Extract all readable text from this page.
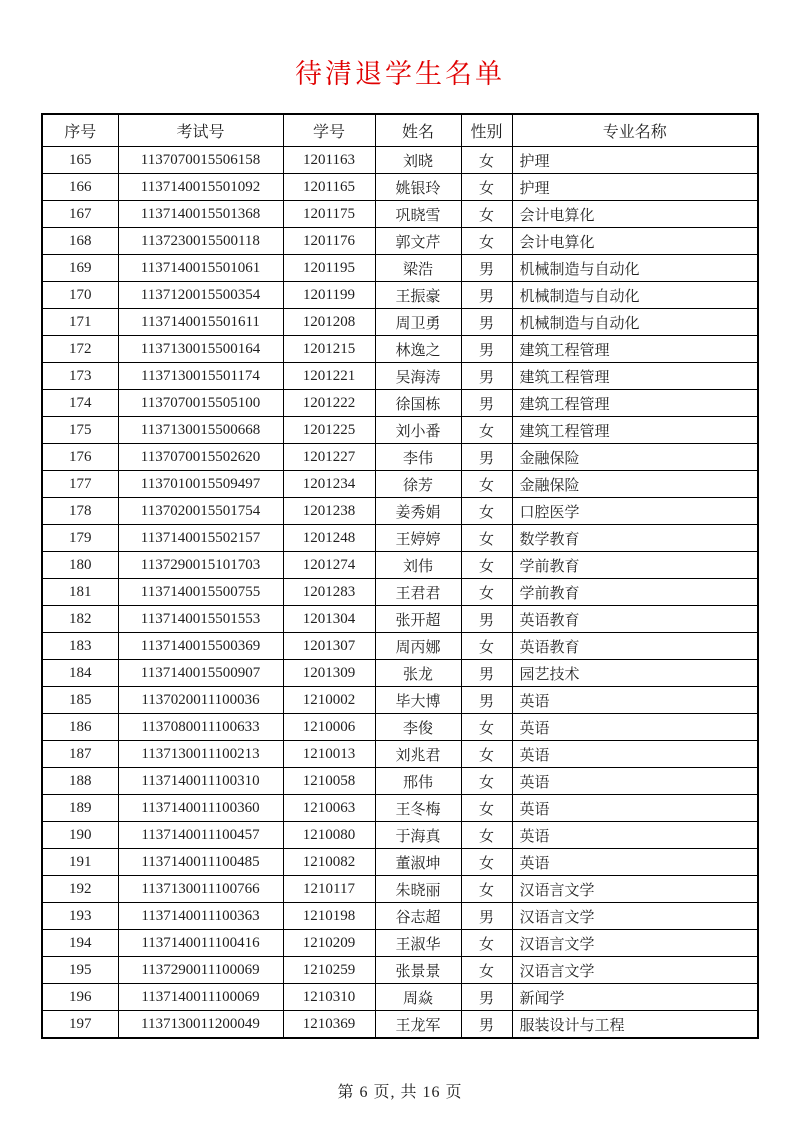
待清退学生名单
序号	考试号	学号	姓名	性别	专业名称
165	1137070015506158	1201163	刘晓	女	护理
166	1137140015501092	1201165	姚银玲	女	护理
167	1137140015501368	1201175	巩晓雪	女	会计电算化
168	1137230015500118	1201176	郭文芹	女	会计电算化
169	1137140015501061	1201195	梁浩	男	机械制造与自动化
170	1137120015500354	1201199	王振豪	男	机械制造与自动化
171	1137140015501611	1201208	周卫勇	男	机械制造与自动化
172	1137130015500164	1201215	林逸之	男	建筑工程管理
173	1137130015501174	1201221	吴海涛	男	建筑工程管理
174	1137070015505100	1201222	徐国栋	男	建筑工程管理
175	1137130015500668	1201225	刘小番	女	建筑工程管理
176	1137070015502620	1201227	李伟	男	金融保险
177	1137010015509497	1201234	徐芳	女	金融保险
178	1137020015501754	1201238	姜秀娟	女	口腔医学
179	1137140015502157	1201248	王婷婷	女	数学教育
180	1137290015101703	1201274	刘伟	女	学前教育
181	1137140015500755	1201283	王君君	女	学前教育
182	1137140015501553	1201304	张开超	男	英语教育
183	1137140015500369	1201307	周丙娜	女	英语教育
184	1137140015500907	1201309	张龙	男	园艺技术
185	1137020011100036	1210002	毕大博	男	英语
186	1137080011100633	1210006	李俊	女	英语
187	1137130011100213	1210013	刘兆君	女	英语
188	1137140011100310	1210058	邢伟	女	英语
189	1137140011100360	1210063	王冬梅	女	英语
190	1137140011100457	1210080	于海真	女	英语
191	1137140011100485	1210082	董淑坤	女	英语
192	1137130011100766	1210117	朱晓丽	女	汉语言文学
193	1137140011100363	1210198	谷志超	男	汉语言文学
194	1137140011100416	1210209	王淑华	女	汉语言文学
195	1137290011100069	1210259	张景景	女	汉语言文学
196	1137140011100069	1210310	周焱	男	新闻学
197	1137130011200049	1210369	王龙军	男	服装设计与工程
第 6 页, 共 16 页
